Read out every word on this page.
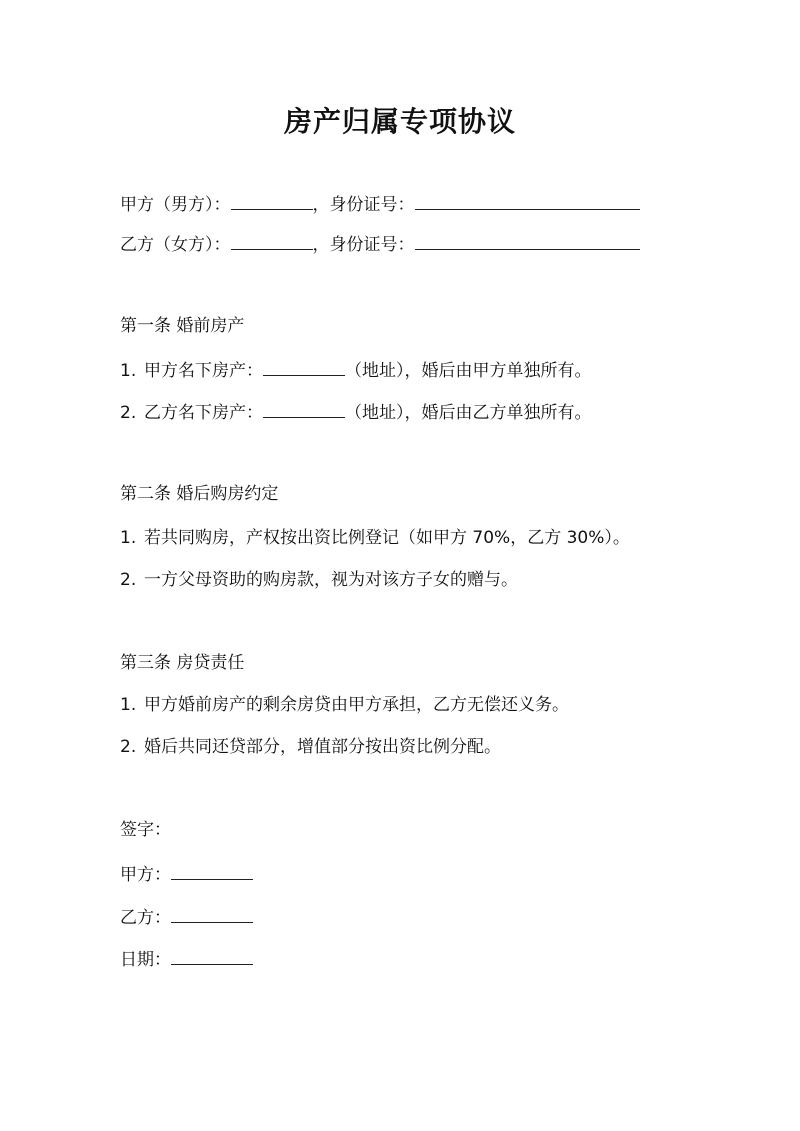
房产归属专项协议
甲方（男方）：	，身份证号：
乙方（女方）：	，身份证号：
第一条 婚前房产
1. 甲方名下房产：	（地址），婚后由甲方单独所有。
2. 乙方名下房产：	（地址），婚后由乙方单独所有。
第二条 婚后购房约定
1. 若共同购房，产权按出资比例登记（如甲方 70%，乙方 30%）。
2. 一方父母资助的购房款，视为对该方子女的赠与。
第三条 房贷责任
1. 甲方婚前房产的剩余房贷由甲方承担，乙方无偿还义务。
2. 婚后共同还贷部分，增值部分按出资比例分配。
签字：
甲方：
乙方：
日期：
